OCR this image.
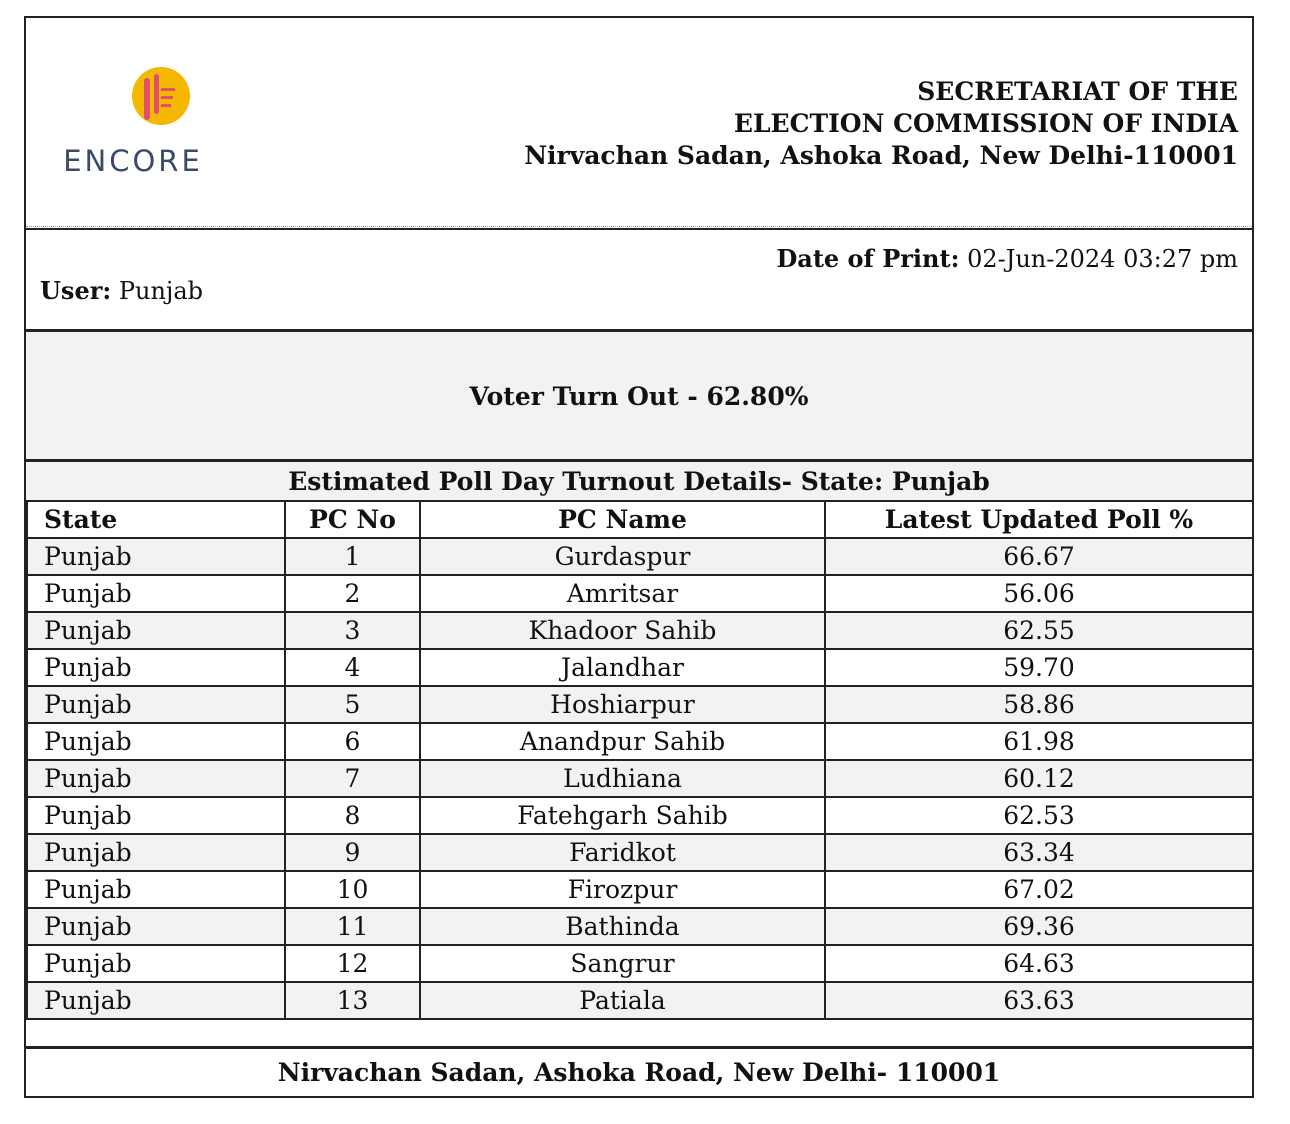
ENCORE
SECRETARIAT OF THE
ELECTION COMMISSION OF INDIA
Nirvachan Sadan, Ashoka Road, New Delhi-110001
User: Punjab
Date of Print: 02-Jun-2024 03:27 pm
Voter Turn Out - 62.80%
Estimated Poll Day Turnout Details- State: Punjab
State	PC No	PC Name	Latest Updated Poll %
Punjab	1	Gurdaspur	66.67
Punjab	2	Amritsar	56.06
Punjab	3	Khadoor Sahib	62.55
Punjab	4	Jalandhar	59.70
Punjab	5	Hoshiarpur	58.86
Punjab	6	Anandpur Sahib	61.98
Punjab	7	Ludhiana	60.12
Punjab	8	Fatehgarh Sahib	62.53
Punjab	9	Faridkot	63.34
Punjab	10	Firozpur	67.02
Punjab	11	Bathinda	69.36
Punjab	12	Sangrur	64.63
Punjab	13	Patiala	63.63
Nirvachan Sadan, Ashoka Road, New Delhi- 110001
